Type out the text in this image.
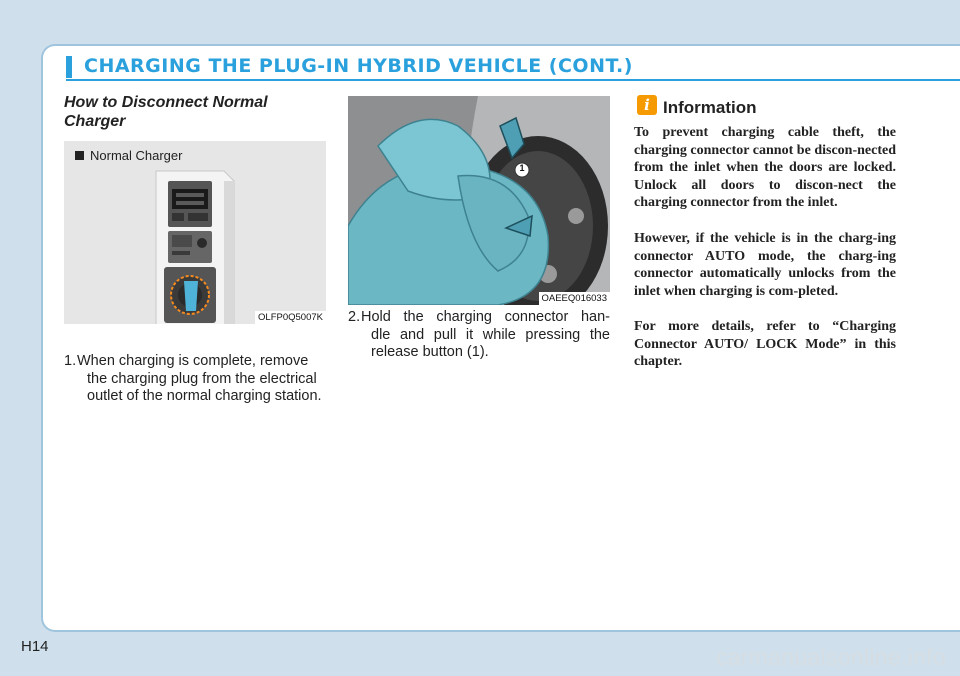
CHARGING THE PLUG-IN HYBRID VEHICLE (CONT.)
How to Disconnect Normal Charger
Normal Charger
OLFP0Q5007K
1. When charging is complete, remove
the charging plug from the electrical
outlet of the normal charging station.
1
OAEEQ016033
2. Hold the charging connector han-
dle and pull it while pressing the
release button (1).
i Information

To prevent charging cable theft, the charging connector cannot be discon-nected from the inlet when the doors are locked. Unlock all doors to discon-nect the charging connector from the inlet.

However, if the vehicle is in the charg-ing connector AUTO mode, the charg-ing connector automatically unlocks from the inlet when charging is com-pleted.

For more details, refer to “Charging Connector AUTO/ LOCK Mode” in this chapter.

H14	carmanualsonline.info
